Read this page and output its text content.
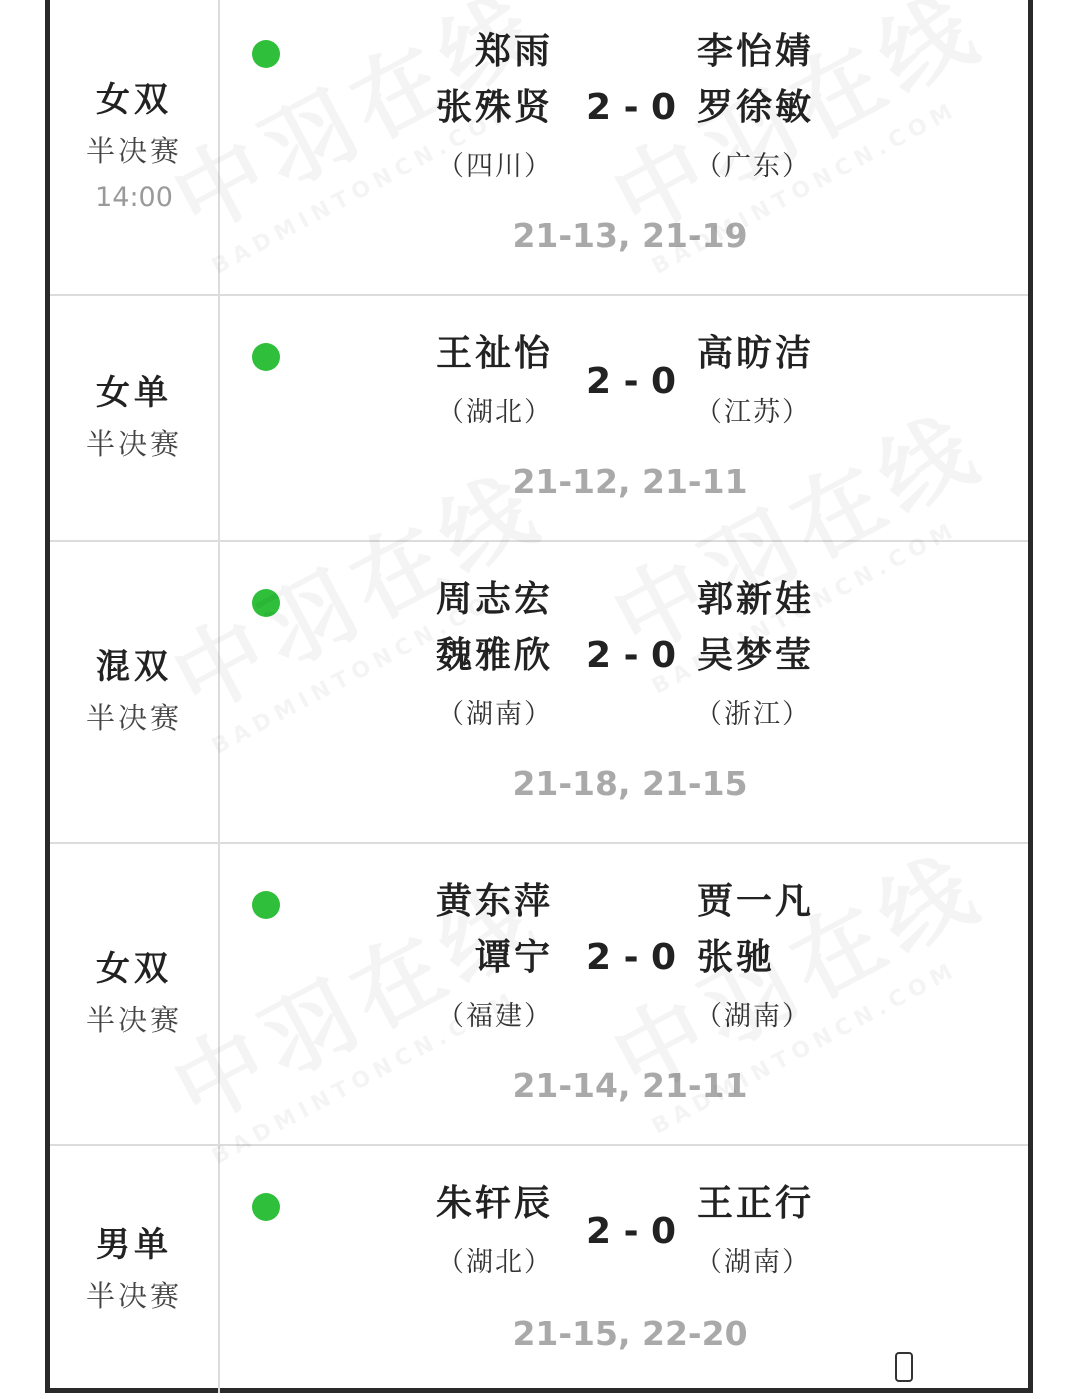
女双
半决赛
14:00
郑雨
张殊贤
（四川）
2 - 0
李怡婧
罗徐敏
（广东）
21-13, 21-19
女单
半决赛
王祉怡
（湖北）
2 - 0
高昉洁
（江苏）
21-12, 21-11
混双
半决赛
周志宏
魏雅欣
（湖南）
2 - 0
郭新娃
吴梦莹
（浙江）
21-18, 21-15
女双
半决赛
黄东萍
谭宁
（福建）
2 - 0
贾一凡
张驰
（湖南）
21-14, 21-11
男单
半决赛
朱轩辰
（湖北）
2 - 0
王正行
（湖南）
21-15, 22-20
